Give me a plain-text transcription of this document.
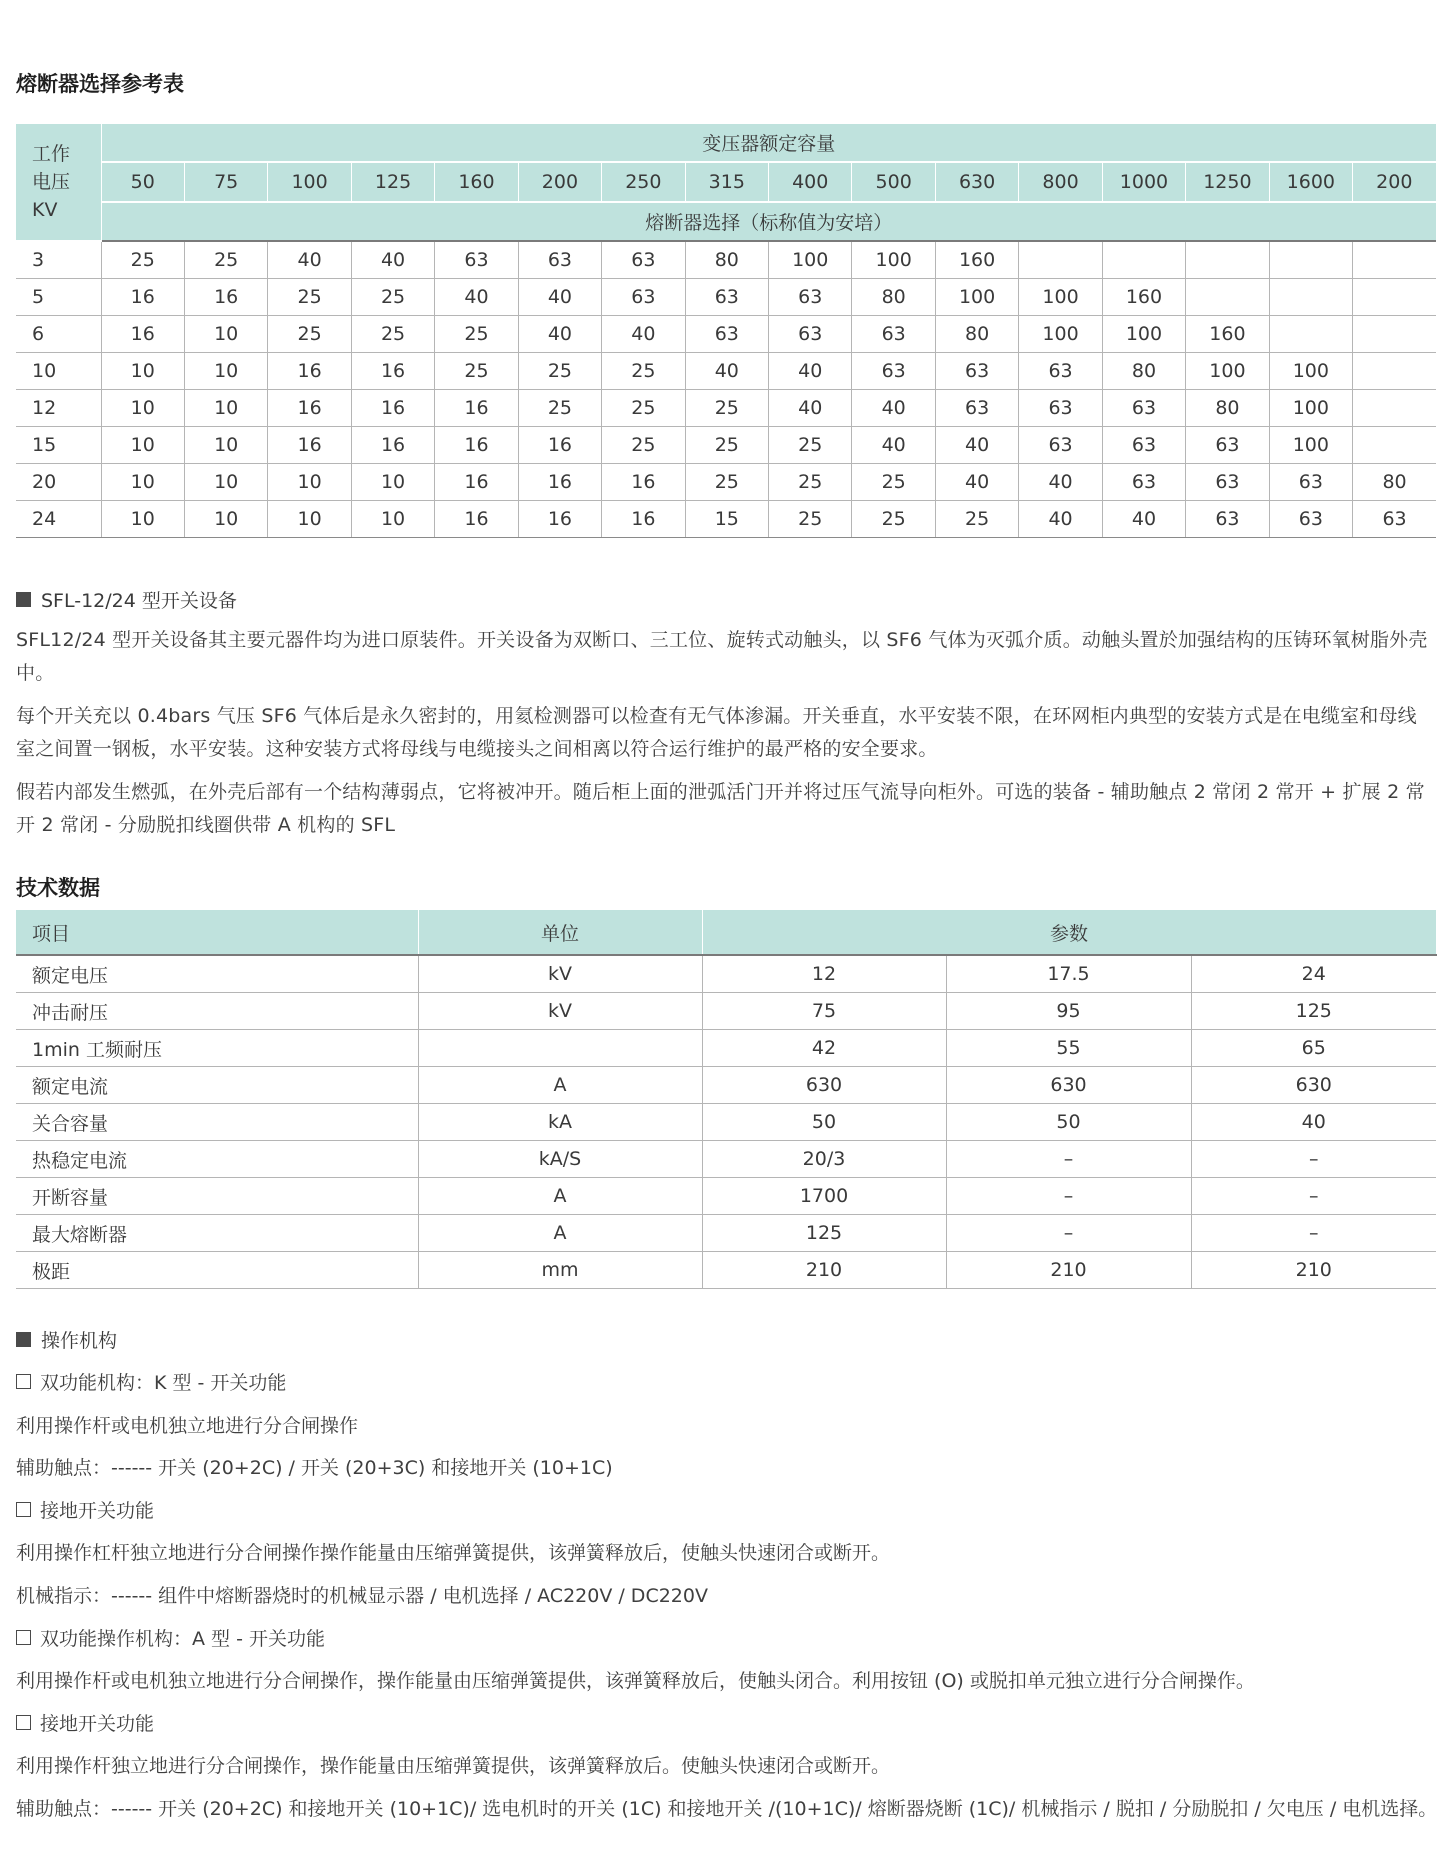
熔断器选择参考表
工作
电压
KV	变压器额定容量															
	50	75	100	125	160	200	250	315	400	500	630	800	1000	1250	1600	200
	熔断器选择（标称值为安培）															
3	25	25	40	40	63	63	63	80	100	100	160					
5	16	16	25	25	40	40	63	63	63	80	100	100	160			
6	16	10	25	25	25	40	40	63	63	63	80	100	100	160		
10	10	10	16	16	25	25	25	40	40	63	63	63	80	100	100	
12	10	10	16	16	16	25	25	25	40	40	63	63	63	80	100	
15	10	10	16	16	16	16	25	25	25	40	40	63	63	63	100	
20	10	10	10	10	16	16	16	25	25	25	40	40	63	63	63	80
24	10	10	10	10	16	16	16	15	25	25	25	40	40	63	63	63
SFL-12/24 型开关设备
SFL12/24 型开关设备其主要元器件均为进口原装件。开关设备为双断口、三工位、旋转式动触头，以 SF6 气体为灭弧介质。动触头置於加强结构的压铸环氧树脂外壳中。
每个开关充以 0.4bars 气压 SF6 气体后是永久密封的，用氦检测器可以检查有无气体渗漏。开关垂直，水平安装不限，在环网柜内典型的安装方式是在电缆室和母线室之间置一钢板，水平安装。这种安装方式将母线与电缆接头之间相离以符合运行维护的最严格的安全要求。
假若内部发生燃弧，在外壳后部有一个结构薄弱点，它将被冲开。随后柜上面的泄弧活门开并将过压气流导向柜外。可选的装备 - 辅助触点 2 常闭 2 常开 + 扩展 2 常开 2 常闭 - 分励脱扣线圈供带 A 机构的 SFL
技术数据
项目	单位	参数		
额定电压	kV	12	17.5	24
冲击耐压	kV	75	95	125
1min 工频耐压		42	55	65
额定电流	A	630	630	630
关合容量	kA	50	50	40
热稳定电流	kA/S	20/3	–	–
开断容量	A	1700	–	–
最大熔断器	A	125	–	–
极距	mm	210	210	210
操作机构
双功能机构：K 型 - 开关功能
利用操作杆或电机独立地进行分合闸操作
辅助触点：------ 开关 (20+2C) / 开关 (20+3C) 和接地开关 (10+1C)
接地开关功能
利用操作杠杆独立地进行分合闸操作操作能量由压缩弹簧提供，该弹簧释放后，使触头快速闭合或断开。
机械指示：------ 组件中熔断器烧时的机械显示器 / 电机选择 / AC220V / DC220V
双功能操作机构：A 型 - 开关功能
利用操作杆或电机独立地进行分合闸操作，操作能量由压缩弹簧提供，该弹簧释放后，使触头闭合。利用按钮 (O) 或脱扣单元独立进行分合闸操作。
接地开关功能
利用操作杆独立地进行分合闸操作，操作能量由压缩弹簧提供，该弹簧释放后。使触头快速闭合或断开。
辅助触点：------ 开关 (20+2C) 和接地开关 (10+1C)/ 选电机时的开关 (1C) 和接地开关 /(10+1C)/ 熔断器烧断 (1C)/ 机械指示 / 脱扣 / 分励脱扣 / 欠电压 / 电机选择。
